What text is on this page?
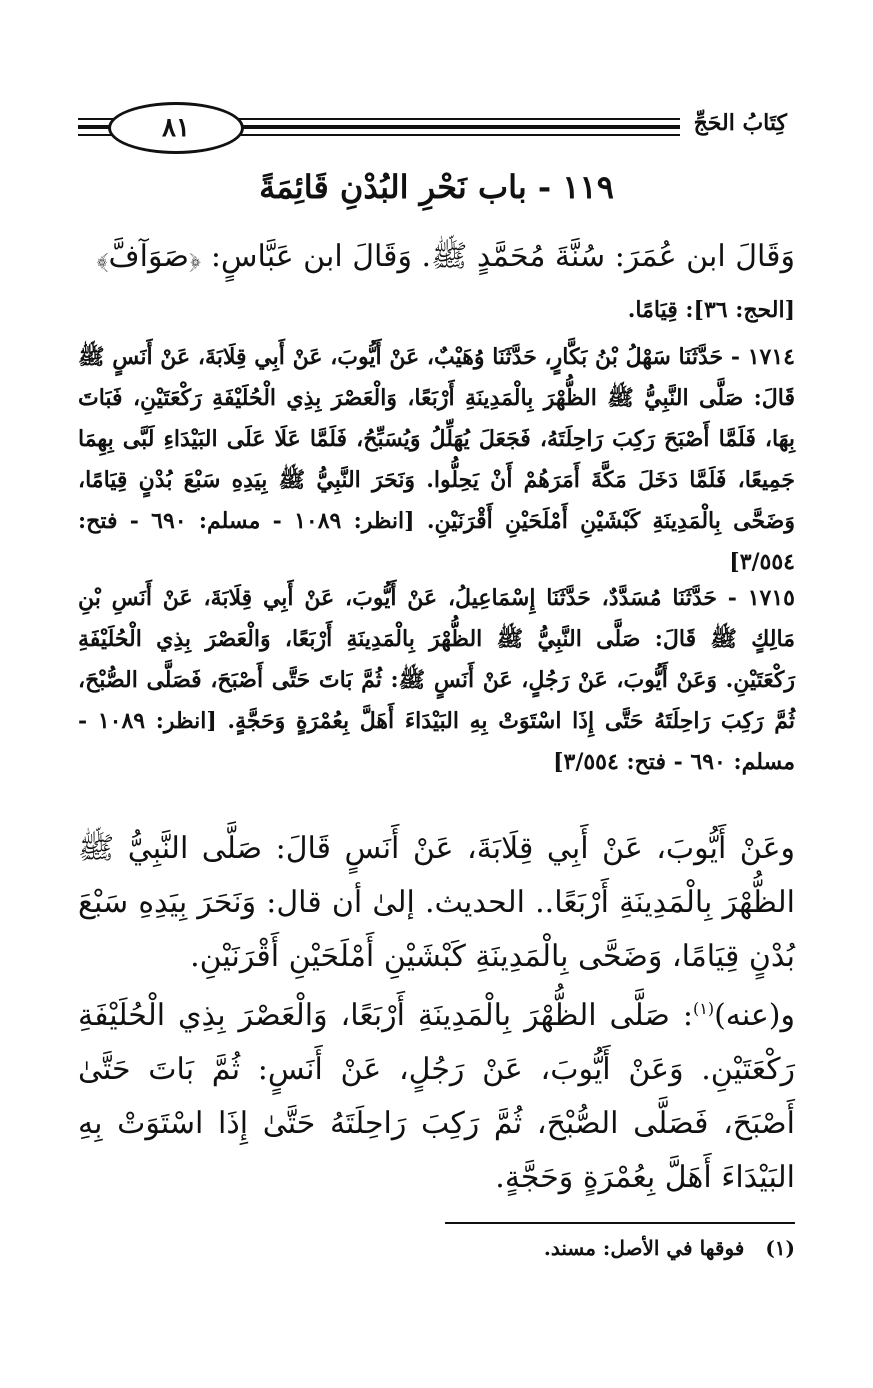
كِتَابُ الحَجِّ
٨١
١١٩ - باب نَحْرِ البُدْنِ قَائِمَةً

وَقَالَ ابن عُمَرَ: سُنَّةَ مُحَمَّدٍ ﷺ. وَقَالَ ابن عَبَّاسٍ: ﴿صَوَآفَّ﴾

[الحج: ٣٦]: قِيَامًا.

١٧١٤ - حَدَّثَنَا سَهْلُ بْنُ بَكَّارٍ، حَدَّثَنَا وُهَيْبٌ، عَنْ أَيُّوبَ، عَنْ أَبِي قِلَابَةَ، عَنْ أَنَسٍ ﷺ قَالَ: صَلَّى النَّبِيُّ ﷺ الظُّهْرَ بِالْمَدِينَةِ أَرْبَعًا، وَالْعَصْرَ بِذِي الْحُلَيْفَةِ رَكْعَتَيْنِ، فَبَاتَ بِهَا، فَلَمَّا أَصْبَحَ رَكِبَ رَاحِلَتَهُ، فَجَعَلَ يُهَلِّلُ وَيُسَبِّحُ، فَلَمَّا عَلَا عَلَى البَيْدَاءِ لَبَّى بِهِمَا جَمِيعًا، فَلَمَّا دَخَلَ مَكَّةَ أَمَرَهُمْ أَنْ يَحِلُّوا. وَنَحَرَ النَّبِيُّ ﷺ بِيَدِهِ سَبْعَ بُدْنٍ قِيَامًا، وَضَحَّى بِالْمَدِينَةِ كَبْشَيْنِ أَمْلَحَيْنِ أَقْرَنَيْنِ. [انظر: ١٠٨٩ - مسلم: ٦٩٠ - فتح: ٣/٥٥٤]

١٧١٥ - حَدَّثَنَا مُسَدَّدٌ، حَدَّثَنَا إِسْمَاعِيلُ، عَنْ أَيُّوبَ، عَنْ أَبِي قِلَابَةَ، عَنْ أَنَسِ بْنِ مَالِكٍ ﷺ قَالَ: صَلَّى النَّبِيُّ ﷺ الظُّهْرَ بِالْمَدِينَةِ أَرْبَعًا، وَالْعَصْرَ بِذِي الْحُلَيْفَةِ رَكْعَتَيْنِ. وَعَنْ أَيُّوبَ، عَنْ رَجُلٍ، عَنْ أَنَسٍ ﷺ: ثُمَّ بَاتَ حَتَّى أَصْبَحَ، فَصَلَّى الصُّبْحَ، ثُمَّ رَكِبَ رَاحِلَتَهُ حَتَّى إِذَا اسْتَوَتْ بِهِ البَيْدَاءَ أَهَلَّ بِعُمْرَةٍ وَحَجَّةٍ. [انظر: ١٠٨٩ - مسلم: ٦٩٠ - فتح: ٣/٥٥٤]

وعَنْ أَيُّوبَ، عَنْ أَبِي قِلَابَةَ، عَنْ أَنَسٍ قَالَ: صَلَّى النَّبِيُّ ﷺ الظُّهْرَ بِالْمَدِينَةِ أَرْبَعًا.. الحديث. إلىٰ أن قال: وَنَحَرَ بِيَدِهِ سَبْعَ بُدْنٍ قِيَامًا، وَضَحَّى بِالْمَدِينَةِ كَبْشَيْنِ أَمْلَحَيْنِ أَقْرَنَيْنِ.

و(عنه)$^{(١)}$: صَلَّى الظُّهْرَ بِالْمَدِينَةِ أَرْبَعًا، وَالْعَصْرَ بِذِي الْحُلَيْفَةِ رَكْعَتَيْنِ. وَعَنْ أَيُّوبَ، عَنْ رَجُلٍ، عَنْ أَنَسٍ: ثُمَّ بَاتَ حَتَّىٰ أَصْبَحَ، فَصَلَّى الصُّبْحَ، ثُمَّ رَكِبَ رَاحِلَتَهُ حَتَّىٰ إِذَا اسْتَوَتْ بِهِ البَيْدَاءَ أَهَلَّ بِعُمْرَةٍ وَحَجَّةٍ.

(١) فوقها في الأصل: مسند.
